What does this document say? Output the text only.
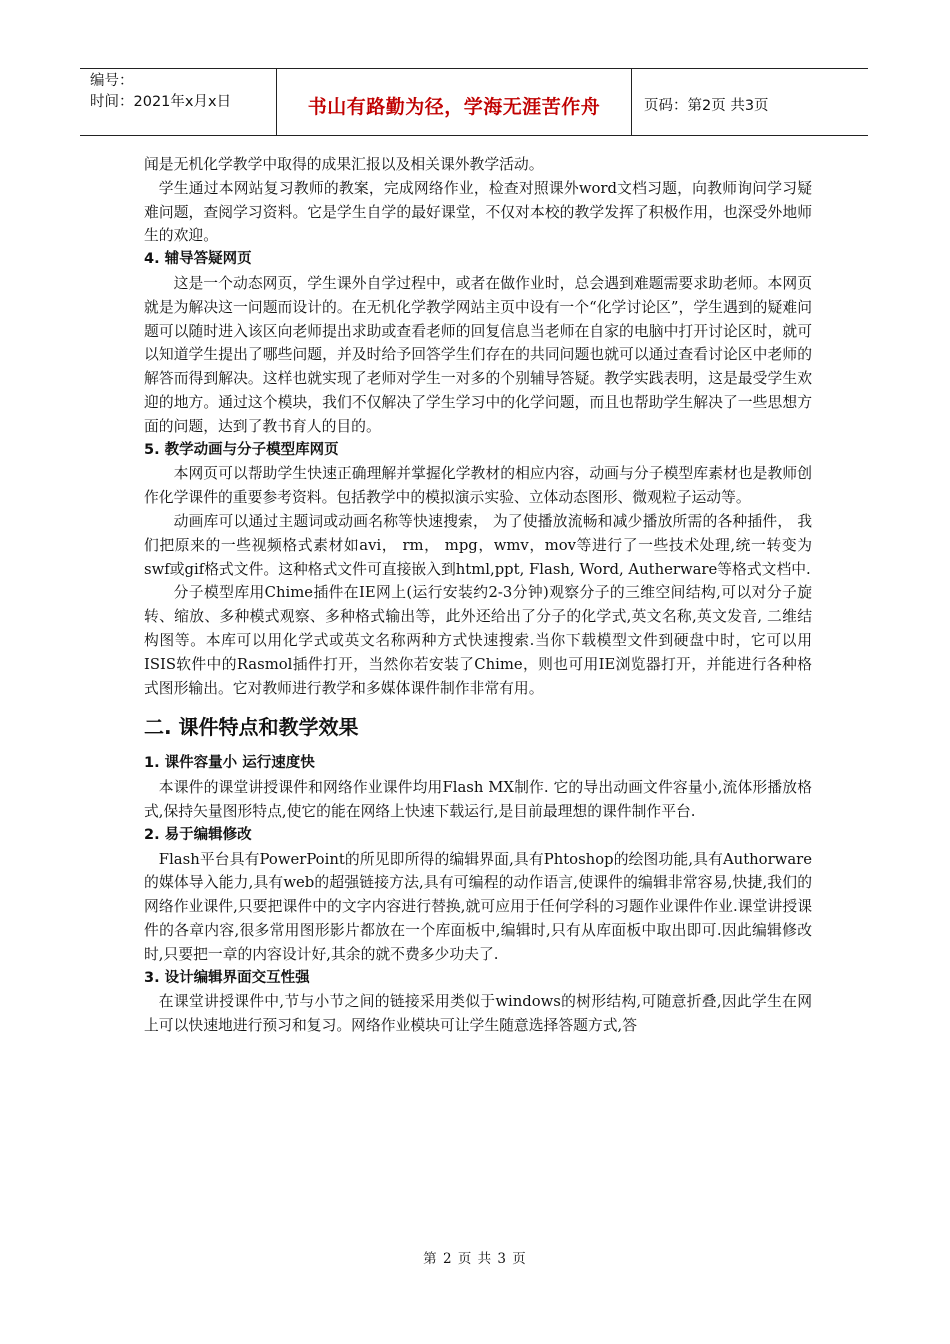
编号：
时间：2021年x月x日	书山有路勤为径，学海无涯苦作舟	页码：第2页 共3页

闻是无机化学教学中取得的成果汇报以及相关课外教学活动。

学生通过本网站复习教师的教案，完成网络作业，检查对照课外word文档习题，向教师询问学习疑难问题，查阅学习资料。它是学生自学的最好课堂，不仅对本校的教学发挥了积极作用，也深受外地师生的欢迎。

4. 辅导答疑网页

这是一个动态网页，学生课外自学过程中，或者在做作业时，总会遇到难题需要求助老师。本网页就是为解决这一问题而设计的。在无机化学教学网站主页中设有一个“化学讨论区”，学生遇到的疑难问题可以随时进入该区向老师提出求助或查看老师的回复信息当老师在自家的电脑中打开讨论区时，就可以知道学生提出了哪些问题，并及时给予回答学生们存在的共同问题也就可以通过查看讨论区中老师的解答而得到解决。这样也就实现了老师对学生一对多的个别辅导答疑。教学实践表明，这是最受学生欢迎的地方。通过这个模块，我们不仅解决了学生学习中的化学问题，而且也帮助学生解决了一些思想方面的问题，达到了教书育人的目的。

5. 教学动画与分子模型库网页

本网页可以帮助学生快速正确理解并掌握化学教材的相应内容，动画与分子模型库素材也是教师创作化学课件的重要参考资料。包括教学中的模拟演示实验、立体动态图形、微观粒子运动等。

动画库可以通过主题词或动画名称等快速搜索， 为了使播放流畅和减少播放所需的各种插件， 我们把原来的一些视频格式素材如avi， rm， mpg，wmv，mov等进行了一些技术处理,统一转变为swf或gif格式文件。这种格式文件可直接嵌入到html,ppt, Flash, Word, Autherware等格式文档中.

分子模型库用Chime插件在IE网上(运行安装约2-3分钟)观察分子的三维空间结构,可以对分子旋转、缩放、多种模式观察、多种格式输出等，此外还给出了分子的化学式,英文名称,英文发音, 二维结构图等。本库可以用化学式或英文名称两种方式快速搜索.当你下载模型文件到硬盘中时，它可以用ISIS软件中的Rasmol插件打开，当然你若安装了Chime，则也可用IE浏览器打开，并能进行各种格式图形输出。它对教师进行教学和多媒体课件制作非常有用。

二. 课件特点和教学效果

1. 课件容量小 运行速度快

本课件的课堂讲授课件和网络作业课件均用Flash MX制作. 它的导出动画文件容量小,流体形播放格式,保持矢量图形特点,使它的能在网络上快速下载运行,是目前最理想的课件制作平台.

2. 易于编辑修改

Flash平台具有PowerPoint的所见即所得的编辑界面,具有Phtoshop的绘图功能,具有Authorware的媒体导入能力,具有web的超强链接方法,具有可编程的动作语言,使课件的编辑非常容易,快捷,我们的网络作业课件,只要把课件中的文字内容进行替换,就可应用于任何学科的习题作业课件作业.课堂讲授课件的各章内容,很多常用图形影片都放在一个库面板中,编辑时,只有从库面板中取出即可.因此编辑修改时,只要把一章的内容设计好,其余的就不费多少功夫了.

3. 设计编辑界面交互性强

在课堂讲授课件中,节与小节之间的链接采用类似于windows的树形结构,可随意折叠,因此学生在网上可以快速地进行预习和复习。网络作业模块可让学生随意选择答题方式,答

第 2 页 共 3 页
